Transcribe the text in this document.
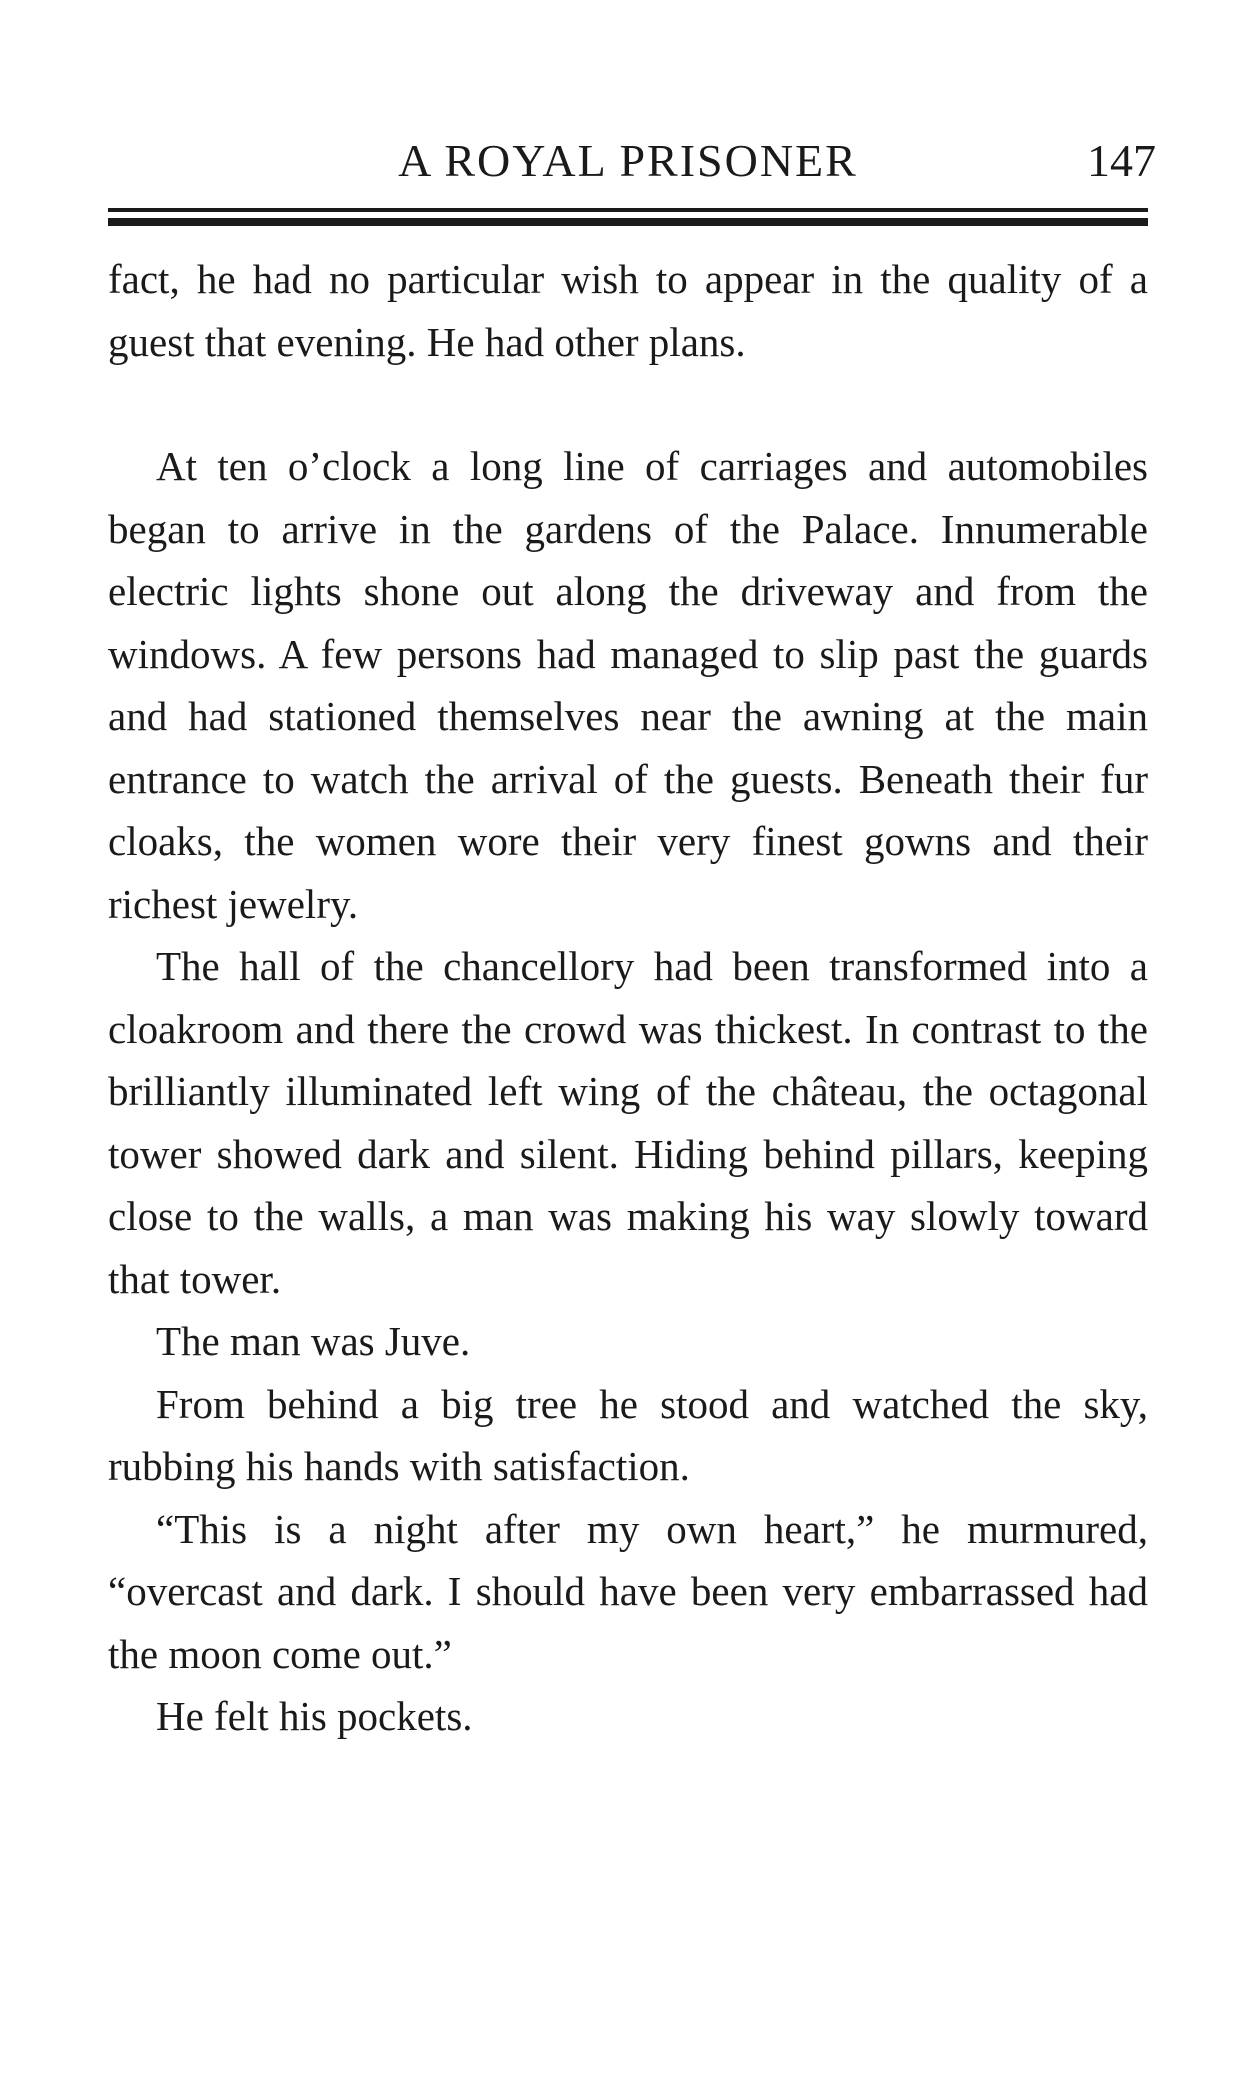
A ROYAL PRISONER	147

fact, he had no particular wish to appear in the quality of a guest that evening. He had other plans.

At ten o’clock a long line of carriages and automobiles began to arrive in the gardens of the Palace. Innumerable electric lights shone out along the driveway and from the windows. A few persons had managed to slip past the guards and had stationed themselves near the awning at the main entrance to watch the arrival of the guests. Beneath their fur cloaks, the women wore their very finest gowns and their richest jewelry.

The hall of the chancellory had been transformed into a cloakroom and there the crowd was thickest. In contrast to the brilliantly illuminated left wing of the château, the octagonal tower showed dark and silent. Hiding behind pillars, keeping close to the walls, a man was making his way slowly toward that tower.

The man was Juve.

From behind a big tree he stood and watched the sky, rubbing his hands with satisfaction.

“This is a night after my own heart,” he murmured, “overcast and dark. I should have been very embarrassed had the moon come out.”

He felt his pockets.
